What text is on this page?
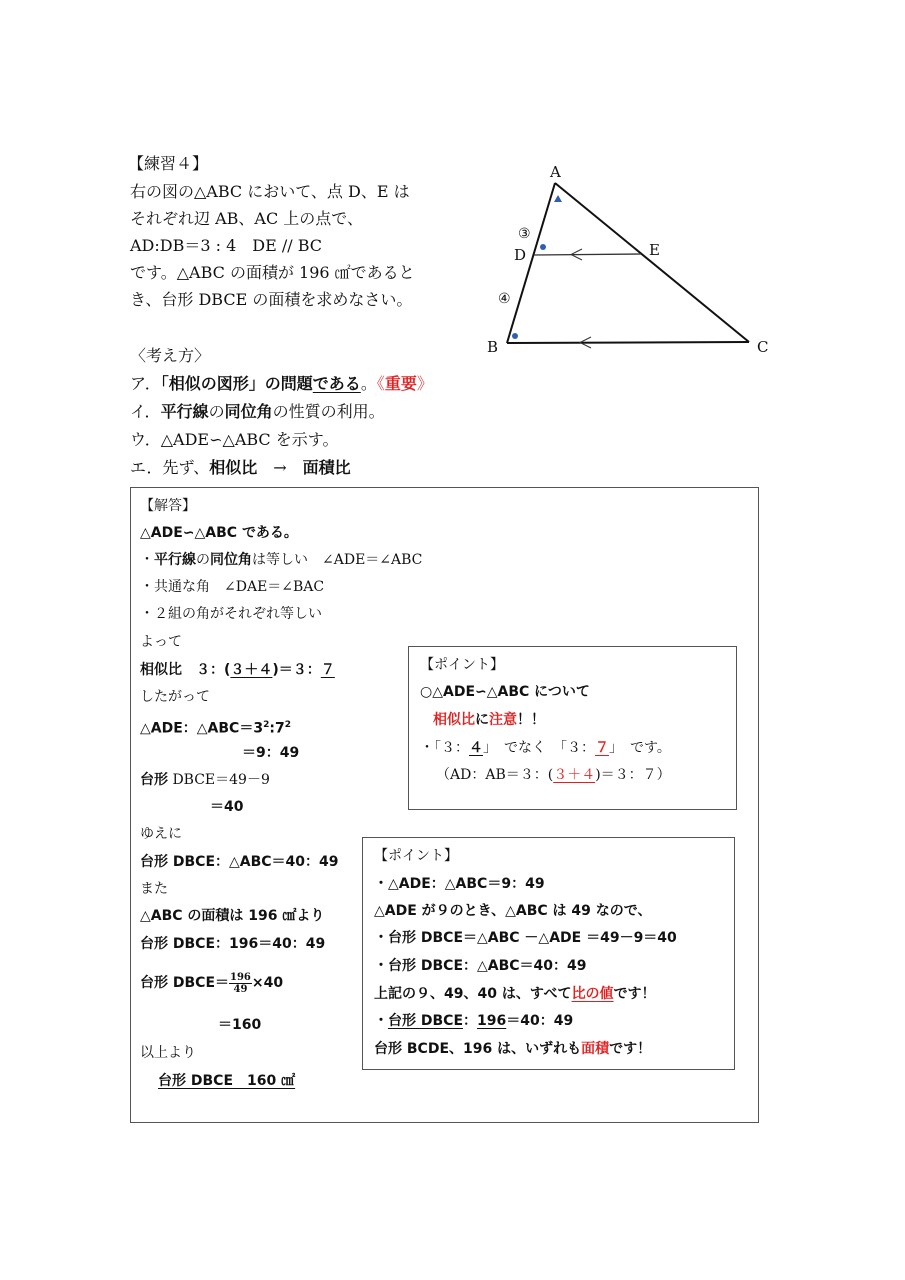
【練習４】
右の図の△ABC において、点 D、E は
それぞれ辺 AB、AC 上の点で、
AD:DB＝3 : 4　DE // BC
です。△ABC の面積が 196 ㎠であると
き、台形 DBCE の面積を求めなさい。
A
B	C
D	E
③
④
〈考え方〉
ア．「相似の図形」の問題である。《重要》
イ．平行線の同位角の性質の利用。
ウ．△ADE∽△ABC を示す。
エ．先ず、相似比　→　面積比
【解答】
△ADE∽△ABC である。
・平行線の同位角は等しい　∠ADE＝∠ABC
・共通な角　∠DAE＝∠BAC
・２組の角がそれぞれ等しい
よって
相似比　３：(３＋４)＝３：７
したがって
△ADE：$\triangle ABC=3^2:7^2$
＝9：49
台形 DBCE＝49－9
＝40
ゆえに
台形 DBCE：△ABC＝40：49
また
△ABC の面積は 196 ㎠より
台形 DBCE：196＝40：49
台形 DBCE＝ $\frac{196}{49} \times 40$
＝160
以上より
台形 DBCE　160 ㎠
【ポイント】
○△ADE∽△ABC について
相似比に注意！！
・「３：４」　でなく　「３：７」　です。
（AD：AB＝３：(３＋４)＝３：７）
【ポイント】
・△ADE：△ABC＝9：49
△ADE が９のとき、△ABC は 49 なので、
・台形 DBCE＝△ABC －△ADE ＝49－9＝40
・台形 DBCE：△ABC＝40：49
上記の９、49、40 は、すべて比の値です！
・台形 DBCE：196＝40：49
台形 BCDE、196 は、いずれも面積です！
